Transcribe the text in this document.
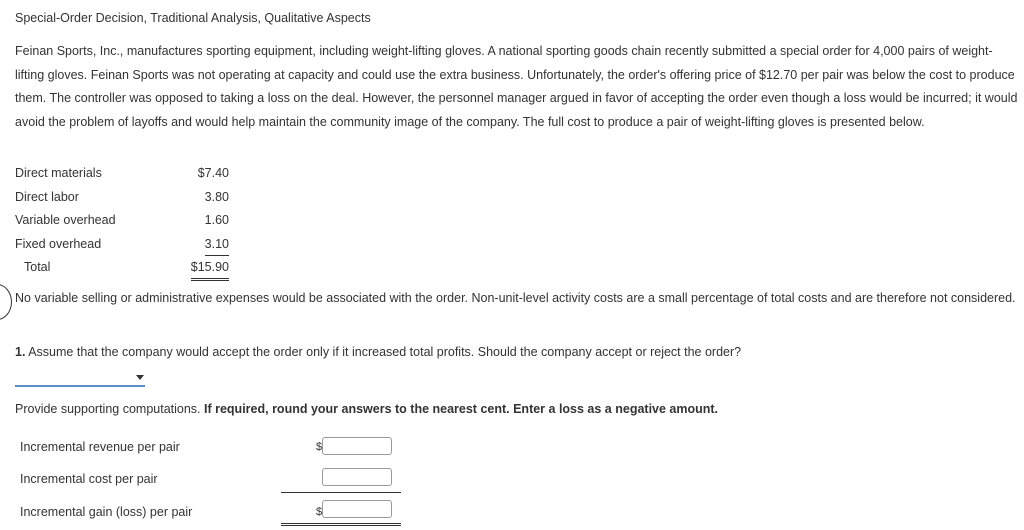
Special-Order Decision, Traditional Analysis, Qualitative Aspects
Feinan Sports, Inc., manufactures sporting equipment, including weight-lifting gloves. A national sporting goods chain recently submitted a special order for 4,000 pairs of weight-lifting gloves. Feinan Sports was not operating at capacity and could use the extra business. Unfortunately, the order's offering price of $12.70 per pair was below the cost to produce them. The controller was opposed to taking a loss on the deal. However, the personnel manager argued in favor of accepting the order even though a loss would be incurred; it would avoid the problem of layoffs and would help maintain the community image of the company. The full cost to produce a pair of weight-lifting gloves is presented below.
Direct materials	$7.40
Direct labor	3.80
Variable overhead	1.60
Fixed overhead	3.10
Total	$15.90
No variable selling or administrative expenses would be associated with the order. Non-unit-level activity costs are a small percentage of total costs and are therefore not considered.
1. Assume that the company would accept the order only if it increased total profits. Should the company accept or reject the order?
Provide supporting computations. If required, round your answers to the nearest cent. Enter a loss as a negative amount.
Incremental revenue per pair	$
Incremental cost per pair
Incremental gain (loss) per pair	$
